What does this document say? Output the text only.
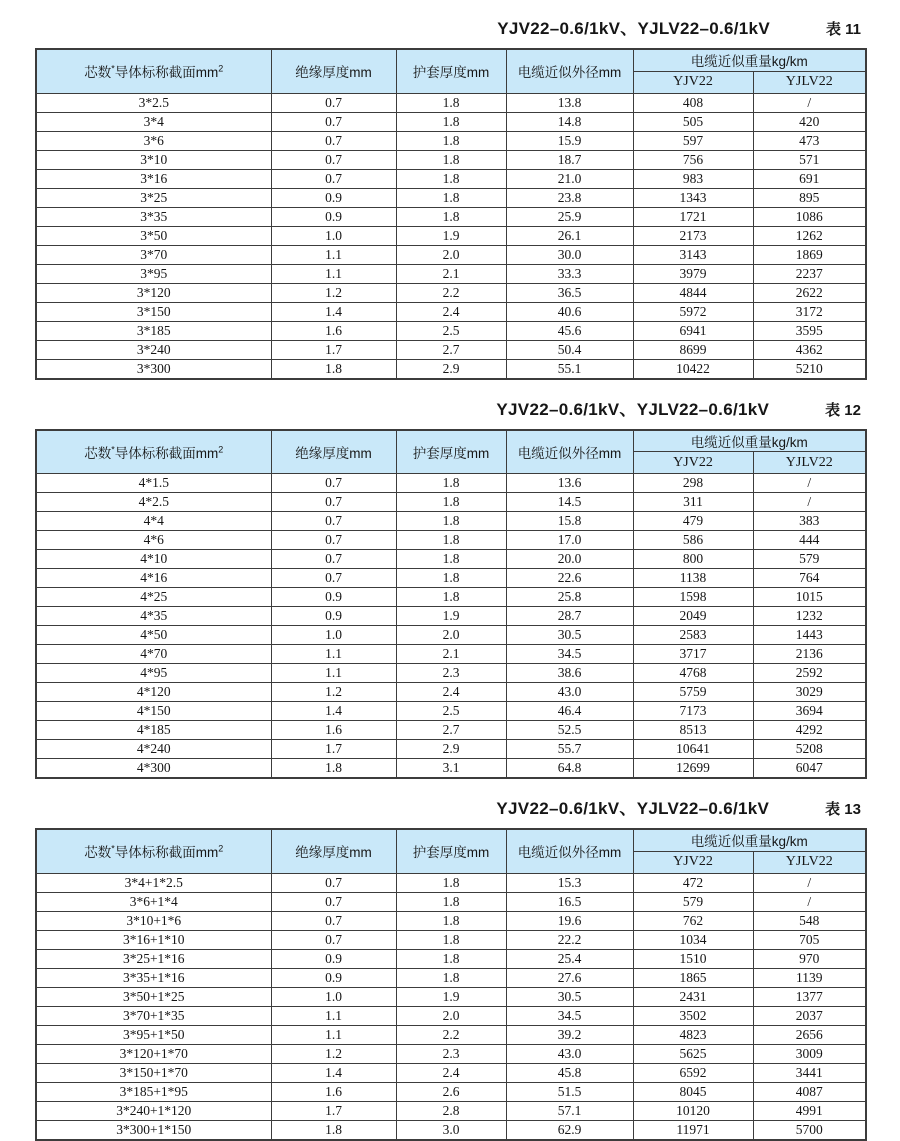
YJV22–0.6/1kV、YJLV22–0.6/1kV	表 11
芯数*导体标称截面$mm^2$	绝缘厚度mm	护套厚度mm	电缆近似外径mm	电缆近似重量kg/km	
				YJV22	YJLV22
3*2.5	0.7	1.8	13.8	408	/
3*4	0.7	1.8	14.8	505	420
3*6	0.7	1.8	15.9	597	473
3*10	0.7	1.8	18.7	756	571
3*16	0.7	1.8	21.0	983	691
3*25	0.9	1.8	23.8	1343	895
3*35	0.9	1.8	25.9	1721	1086
3*50	1.0	1.9	26.1	2173	1262
3*70	1.1	2.0	30.0	3143	1869
3*95	1.1	2.1	33.3	3979	2237
3*120	1.2	2.2	36.5	4844	2622
3*150	1.4	2.4	40.6	5972	3172
3*185	1.6	2.5	45.6	6941	3595
3*240	1.7	2.7	50.4	8699	4362
3*300	1.8	2.9	55.1	10422	5210
YJV22–0.6/1kV、YJLV22–0.6/1kV	表 12
芯数*导体标称截面$mm^2$	绝缘厚度mm	护套厚度mm	电缆近似外径mm	电缆近似重量kg/km	
				YJV22	YJLV22
4*1.5	0.7	1.8	13.6	298	/
4*2.5	0.7	1.8	14.5	311	/
4*4	0.7	1.8	15.8	479	383
4*6	0.7	1.8	17.0	586	444
4*10	0.7	1.8	20.0	800	579
4*16	0.7	1.8	22.6	1138	764
4*25	0.9	1.8	25.8	1598	1015
4*35	0.9	1.9	28.7	2049	1232
4*50	1.0	2.0	30.5	2583	1443
4*70	1.1	2.1	34.5	3717	2136
4*95	1.1	2.3	38.6	4768	2592
4*120	1.2	2.4	43.0	5759	3029
4*150	1.4	2.5	46.4	7173	3694
4*185	1.6	2.7	52.5	8513	4292
4*240	1.7	2.9	55.7	10641	5208
4*300	1.8	3.1	64.8	12699	6047
YJV22–0.6/1kV、YJLV22–0.6/1kV	表 13
芯数*导体标称截面$mm^2$	绝缘厚度mm	护套厚度mm	电缆近似外径mm	电缆近似重量kg/km	
				YJV22	YJLV22
3*4+1*2.5	0.7	1.8	15.3	472	/
3*6+1*4	0.7	1.8	16.5	579	/
3*10+1*6	0.7	1.8	19.6	762	548
3*16+1*10	0.7	1.8	22.2	1034	705
3*25+1*16	0.9	1.8	25.4	1510	970
3*35+1*16	0.9	1.8	27.6	1865	1139
3*50+1*25	1.0	1.9	30.5	2431	1377
3*70+1*35	1.1	2.0	34.5	3502	2037
3*95+1*50	1.1	2.2	39.2	4823	2656
3*120+1*70	1.2	2.3	43.0	5625	3009
3*150+1*70	1.4	2.4	45.8	6592	3441
3*185+1*95	1.6	2.6	51.5	8045	4087
3*240+1*120	1.7	2.8	57.1	10120	4991
3*300+1*150	1.8	3.0	62.9	11971	5700
